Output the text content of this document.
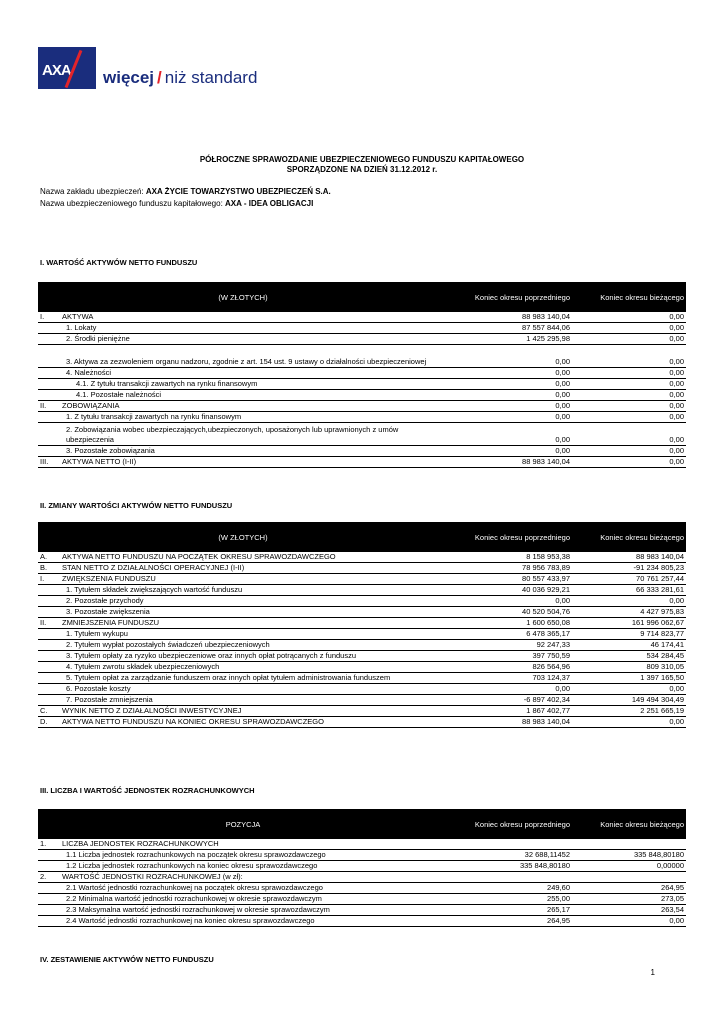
AXA więcej / niż standard
PÓŁROCZNE SPRAWOZDANIE UBEZPIECZENIOWEGO FUNDUSZU KAPITAŁOWEGO
SPORZĄDZONE NA DZIEŃ 31.12.2012 r.
Nazwa zakładu ubezpieczeń: AXA ŻYCIE TOWARZYSTWO UBEZPIECZEŃ S.A.
Nazwa ubezpieczeniowego funduszu kapitałowego: AXA - IDEA OBLIGACJI
I. WARTOŚĆ AKTYWÓW NETTO FUNDUSZU
(W ZŁOTYCH)		Koniec okresu poprzedniego	Koniec okresu bieżącego
I.	AKTYWA	88 983 140,04	0,00
	1. Lokaty	87 557 844,06	0,00
	2. Środki pieniężne	1 425 295,98	0,00
	3. Aktywa za zezwoleniem organu nadzoru, zgodnie z art. 154 ust. 9 ustawy o działalności ubezpieczeniowej	0,00	0,00
	4. Należności	0,00	0,00
	4.1. Z tytułu transakcji zawartych na rynku finansowym	0,00	0,00
	4.1. Pozostałe należności	0,00	0,00
II.	ZOBOWIĄZANIA	0,00	0,00
	1. Z tytułu transakcji zawartych na rynku finansowym	0,00	0,00
	2. Zobowiązania wobec ubezpieczających,ubezpieczonych, uposażonych lub uprawnionych z umów ubezpieczenia	0,00	0,00
	3. Pozostałe zobowiązania	0,00	0,00
III.	AKTYWA NETTO (I-II)	88 983 140,04	0,00
II. ZMIANY WARTOŚCI AKTYWÓW NETTO FUNDUSZU
(W ZŁOTYCH)		Koniec okresu poprzedniego	Koniec okresu bieżącego
A.	AKTYWA NETTO FUNDUSZU NA POCZĄTEK OKRESU SPRAWOZDAWCZEGO	8 158 953,38	88 983 140,04
B.	STAN NETTO Z DZIAŁALNOŚCI OPERACYJNEJ (I-II)	78 956 783,89	-91 234 805,23
I.	ZWIĘKSZENIA FUNDUSZU	80 557 433,97	70 761 257,44
	1. Tytułem składek zwiększających wartość funduszu	40 036 929,21	66 333 281,61
	2. Pozostałe przychody	0,00	0,00
	3. Pozostałe zwiększenia	40 520 504,76	4 427 975,83
II.	ZMNIEJSZENIA FUNDUSZU	1 600 650,08	161 996 062,67
	1. Tytułem wykupu	6 478 365,17	9 714 823,77
	2. Tytułem wypłat pozostałych świadczeń ubezpieczeniowych	92 247,33	46 174,41
	3. Tytułem opłaty za ryzyko ubezpieczeniowe oraz innych opłat potrącanych z funduszu	397 750,59	534 284,45
	4. Tytułem zwrotu składek ubezpieczeniowych	826 564,96	809 310,05
	5. Tytułem opłat za zarządzanie funduszem oraz innych opłat tytułem administrowania funduszem	703 124,37	1 397 165,50
	6. Pozostałe koszty	0,00	0,00
	7. Pozostałe zmniejszenia	-6 897 402,34	149 494 304,49
C.	WYNIK NETTO Z DZIAŁALNOŚCI INWESTYCYJNEJ	1 867 402,77	2 251 665,19
D.	AKTYWA NETTO FUNDUSZU NA KONIEC OKRESU SPRAWOZDAWCZEGO	88 983 140,04	0,00
III. LICZBA I WARTOŚĆ JEDNOSTEK ROZRACHUNKOWYCH
POZYCJA		Koniec okresu poprzedniego	Koniec okresu bieżącego
1.	LICZBA JEDNOSTEK ROZRACHUNKOWYCH		
	1.1 Liczba jednostek rozrachunkowych na początek okresu sprawozdawczego	32 688,11452	335 848,80180
	1.2 Liczba jednostek rozrachunkowych na koniec okresu sprawozdawczego	335 848,80180	0,00000
2.	WARTOŚĆ JEDNOSTKI ROZRACHUNKOWEJ (w zł):		
	2.1 Wartość jednostki rozrachunkowej na początek okresu sprawozdawczego	249,60	264,95
	2.2 Minimalna wartość jednostki rozrachunkowej w okresie sprawozdawczym	255,00	273,05
	2.3 Maksymalna wartość jednostki rozrachunkowej w okresie sprawozdawczym	265,17	263,54
	2.4 Wartość jednostki rozrachunkowej na koniec okresu sprawozdawczego	264,95	0,00
IV. ZESTAWIENIE AKTYWÓW NETTO FUNDUSZU
1
